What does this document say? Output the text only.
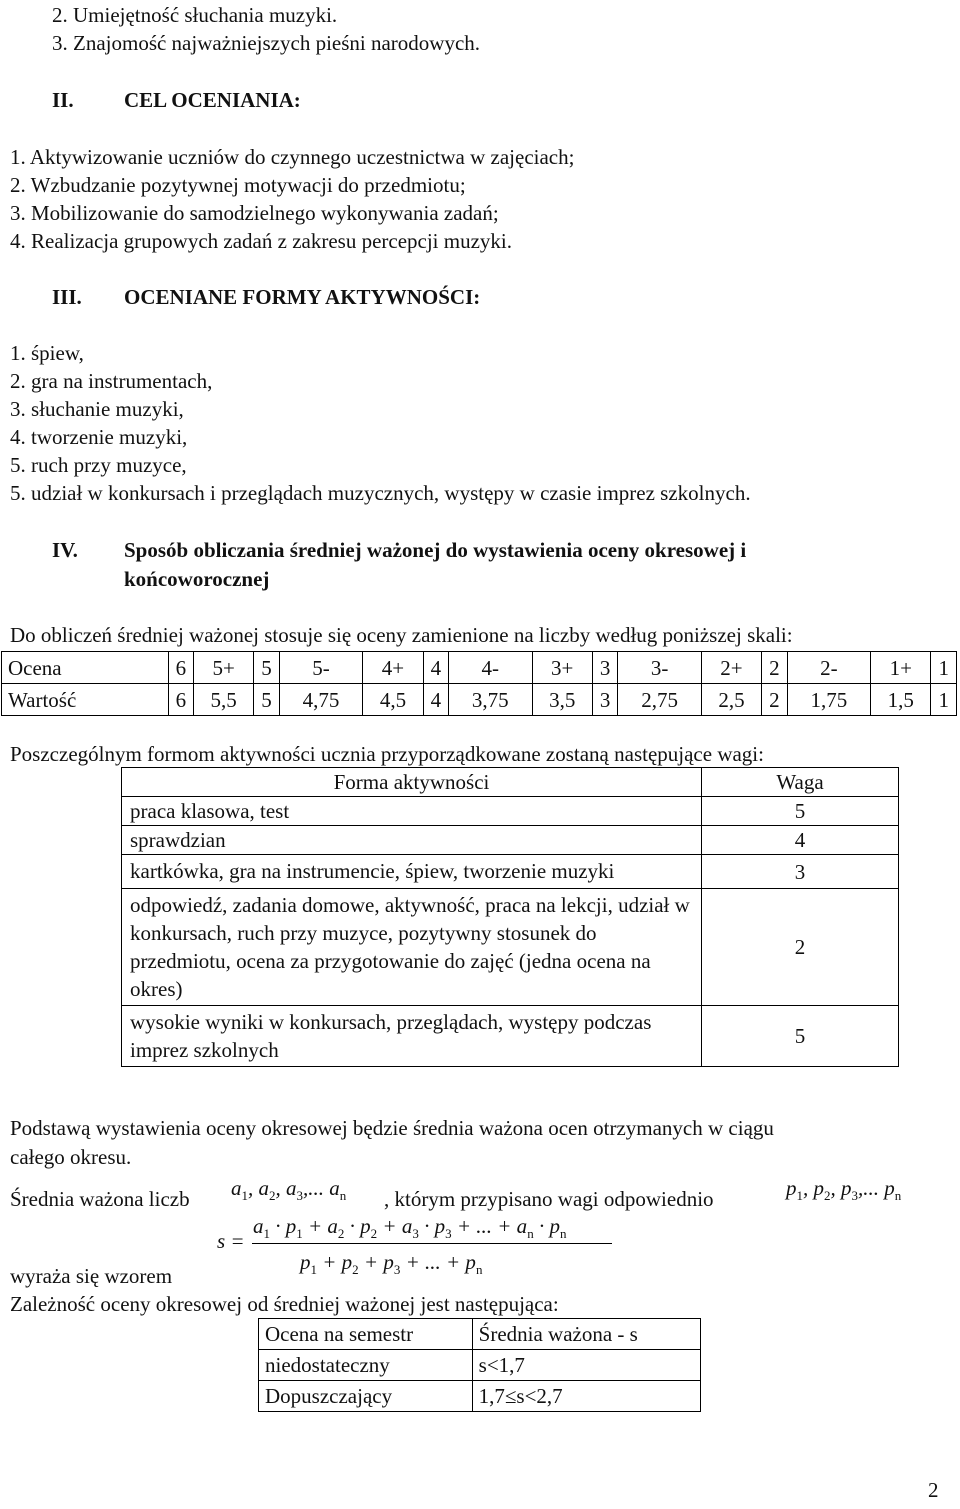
2. Umiejętność słuchania muzyki.
3. Znajomość najważniejszych pieśni narodowych.
II. CEL OCENIANIA:
1. Aktywizowanie uczniów do czynnego uczestnictwa w zajęciach;
2. Wzbudzanie pozytywnej motywacji do przedmiotu;
3. Mobilizowanie do samodzielnego wykonywania zadań;
4. Realizacja grupowych zadań z zakresu percepcji muzyki.
III. OCENIANE FORMY AKTYWNOŚCI:
1. śpiew,
2. gra na instrumentach,
3. słuchanie muzyki,
4. tworzenie muzyki,
5. ruch przy muzyce,
5. udział w konkursach i przeglądach muzycznych, występy w czasie imprez szkolnych.
IV. Sposób obliczania średniej ważonej do wystawienia oceny okresowej i
końcoworocznej
Do obliczeń średniej ważonej stosuje się oceny zamienione na liczby według poniższej skali:
Ocena	6	5+	5	5-	4+	4	4-	3+	3	3-	2+	2	2-	1+	1
Wartość	6	5,5	5	4,75	4,5	4	3,75	3,5	3	2,75	2,5	2	1,75	1,5	1
Poszczególnym formom aktywności ucznia przyporządkowane zostaną następujące wagi:
Forma aktywności	Waga
praca klasowa, test	5
sprawdzian	4
kartkówka, gra na instrumencie, śpiew, tworzenie muzyki	3
odpowiedź, zadania domowe, aktywność, praca na lekcji, udział w konkursach, ruch przy muzyce, pozytywny stosunek do przedmiotu, ocena za przygotowanie do zajęć (jedna ocena na okres)	2
wysokie wyniki w konkursach, przeglądach, występy podczas imprez szkolnych	5
Podstawą wystawienia oceny okresowej będzie średnia ważona ocen otrzymanych w ciągu
całego okresu.
Średnia ważona liczb $a_1$, $a_2$, $a_3$,... $a_n$ , którym przypisano wagi odpowiednio	$p_1$, $p_2$, $p_3$,... $p_n$
s =
$a_1 \cdot p_1 + a_2 \cdot p_2 + a_3 \cdot p_3$ + ... + $a_n \cdot p_n$
$p_1 + p_2 + p_3$ + ... + $p_n$
wyraża się wzorem
Zależność oceny okresowej od średniej ważonej jest następująca:
Ocena na semestr	Średnia ważona - s
niedostateczny	s<1,7
Dopuszczający	1,7≤s<2,7
2
